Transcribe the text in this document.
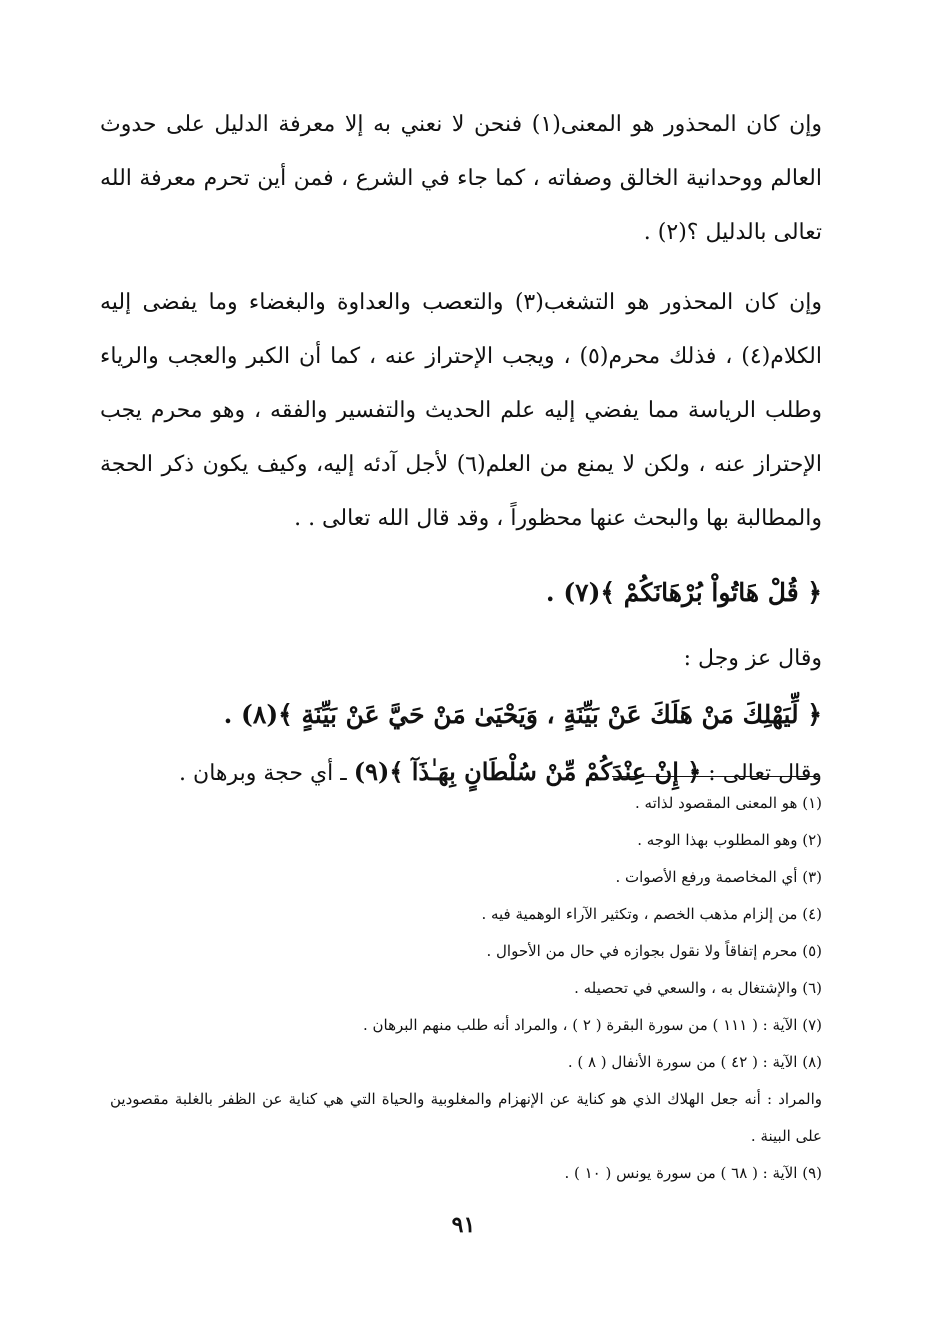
وإن كان المحذور هو المعنى(١) فنحن لا نعني به إلا معرفة الدليل على حدوث العالم ووحدانية الخالق وصفاته ، كما جاء في الشرع ، فمن أين تحرم معرفة الله تعالى بالدليل ؟(٢) .

وإن كان المحذور هو التشغب(٣) والتعصب والعداوة والبغضاء وما يفضى إليه الكلام(٤) ، فذلك محرم(٥) ، ويجب الإحتراز عنه ، كما أن الكبر والعجب والرياء وطلب الرياسة مما يفضي إليه علم الحديث والتفسير والفقه ، وهو محرم يجب الإحتراز عنه ، ولكن لا يمنع من العلم(٦) لأجل آدئه إليه، وكيف يكون ذكر الحجة والمطالبة بها والبحث عنها محظوراً ، وقد قال الله تعالى . .

﴿ قُلْ هَاتُواْ بُرْهَانَكُمْ ﴾(٧) .

وقال عز وجل :

﴿ لِّيَهْلِكَ مَنْ هَلَكَ عَنْ بَيِّنَةٍ ، وَيَحْيَىٰ مَنْ حَيَّ عَنْ بَيِّنَةٍ ﴾(٨) .

وقال تعالى : ﴿ إِنْ عِنْدَكُمْ مِّنْ سُلْطَانٍ بِهَـٰذَآ ﴾(٩) ـ أي حجة وبرهان .

(١) هو المعنى المقصود لذاته .

(٢) وهو المطلوب بهذا الوجه .

(٣) أي المخاصمة ورفع الأصوات .

(٤) من إلزام مذهب الخصم ، وتكثير الآراء الوهمية فيه .

(٥) محرم إتفاقاً ولا نقول بجوازه في حال من الأحوال .

(٦) والإشتغال به ، والسعي في تحصيله .

(٧) الآية : ( ١١١ ) من سورة البقرة ( ٢ ) ، والمراد أنه طلب منهم البرهان .

(٨) الآية : ( ٤٢ ) من سورة الأنفال ( ٨ ) .

والمراد : أنه جعل الهلاك الذي هو كناية عن الإنهزام والمغلوبية والحياة التي هي كناية عن الظفر بالغلبة مقصودين على البينة .

(٩) الآية : ( ٦٨ ) من سورة يونس ( ١٠ ) .

٩١
